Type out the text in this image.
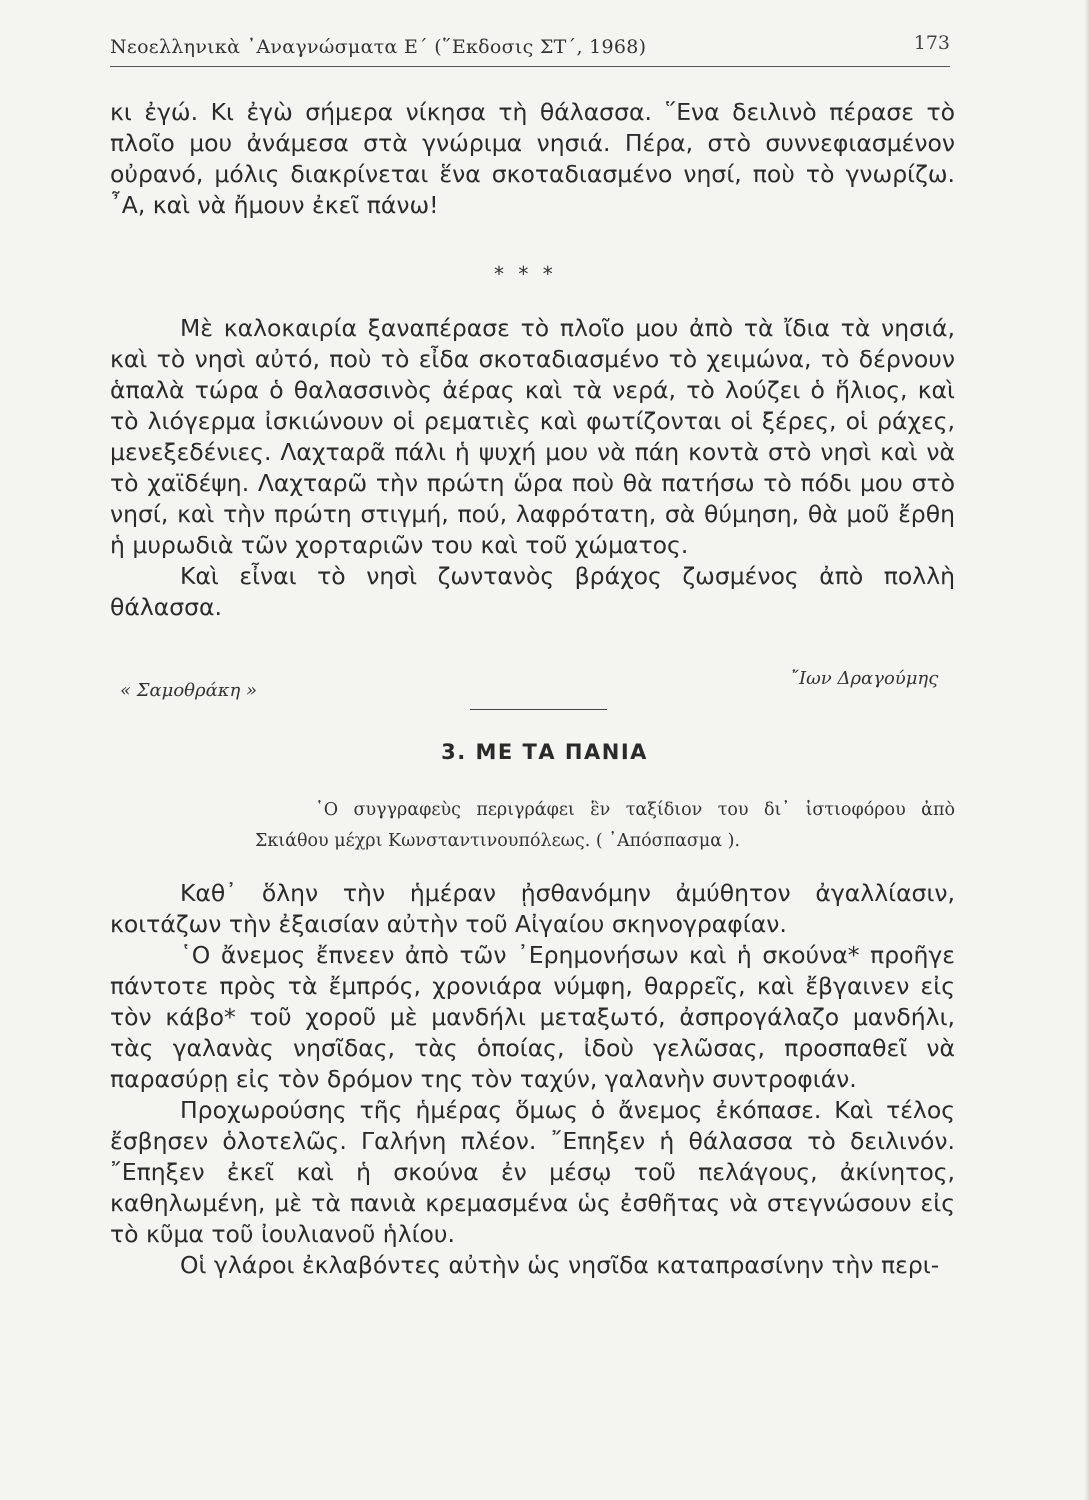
Νεοελληνικὰ ᾿Αναγνώσματα Ε΄ (῞Εκδοσις ΣΤ΄, 1968)	173

κι ἐγώ. Κι ἐγὼ σήμερα νίκησα τὴ θάλασσα. ῞Ενα δειλινὸ πέρασε τὸ πλοῖο μου ἀνάμεσα στὰ γνώριμα νησιά. Πέρα, στὸ συννεφιασμένον οὐρανό, μόλις διακρίνεται ἕνα σκοταδιασμένο νησί, ποὺ τὸ γνωρίζω. ῏Α, καὶ νὰ ἤμουν ἐκεῖ πάνω!

* * *

Μὲ καλοκαιρία ξαναπέρασε τὸ πλοῖο μου ἀπὸ τὰ ἴδια τὰ νησιά, καὶ τὸ νησὶ αὐτό, ποὺ τὸ εἶδα σκοταδιασμένο τὸ χειμώνα, τὸ δέρνουν ἁπαλὰ τώρα ὁ θαλασσινὸς ἀέρας καὶ τὰ νερά, τὸ λούζει ὁ ἥλιος, καὶ τὸ λιόγερμα ἰσκιώνουν οἱ ρεματιὲς καὶ φωτίζονται οἱ ξέρες, οἱ ράχες, μενεξεδένιες. Λαχταρᾶ πάλι ἡ ψυχή μου νὰ πάη κοντὰ στὸ νησὶ καὶ νὰ τὸ χαϊδέψη. Λαχταρῶ τὴν πρώτη ὥρα ποὺ θὰ πατήσω τὸ πόδι μου στὸ νησί, καὶ τὴν πρώτη στιγμή, πού, λαφρότατη, σὰ θύμηση, θὰ μοῦ ἔρθη ἡ μυρωδιὰ τῶν χορταριῶν του καὶ τοῦ χώματος.

Καὶ εἶναι τὸ νησὶ ζωντανὸς βράχος ζωσμένος ἀπὸ πολλὴ θάλασσα.

« Σαμοθράκη »
῎Ιων Δραγούμης
3. ΜΕ ΤΑ ΠΑΝΙΑ

῾Ο συγγραφεὺς περιγράφει ἓν ταξίδιον του δι᾿ ἱστιοφόρου ἀπὸ Σκιάθου μέχρι Κωνσταντινουπόλεως. ( ᾿Απόσπασμα ).

Καθ᾿ ὅλην τὴν ἡμέραν ᾐσθανόμην ἀμύθητον ἀγαλλίασιν, κοιτάζων τὴν ἐξαισίαν αὐτὴν τοῦ Αἰγαίου σκηνογραφίαν.

῾Ο ἄνεμος ἔπνεεν ἀπὸ τῶν ᾿Ερημονήσων καὶ ἡ σκούνα* προῆγε πάντοτε πρὸς τὰ ἔμπρός, χρονιάρα νύμφη, θαρρεῖς, καὶ ἔβγαινεν εἰς τὸν κάβο* τοῦ χοροῦ μὲ μανδήλι μεταξωτό, ἀσπρογάλαζο μανδήλι, τὰς γαλανὰς νησῖδας, τὰς ὁποίας, ἰδοὺ γελῶσας, προσπαθεῖ νὰ παρασύρῃ εἰς τὸν δρόμον της τὸν ταχύν, γαλανὴν συντροφιάν.

Προχωρούσης τῆς ἡμέρας ὅμως ὁ ἄνεμος ἐκόπασε. Καὶ τέλος ἔσβησεν ὁλοτελῶς. Γαλήνη πλέον. ῎Επηξεν ἡ θάλασσα τὸ δειλινόν. ῎Επηξεν ἐκεῖ καὶ ἡ σκούνα ἐν μέσῳ τοῦ πελάγους, ἀκίνητος, καθηλωμένη, μὲ τὰ πανιὰ κρεμασμένα ὡς ἐσθῆτας νὰ στεγνώσουν εἰς τὸ κῦμα τοῦ ἰουλιανοῦ ἡλίου.

Οἱ γλάροι ἐκλαβόντες αὐτὴν ὡς νησῖδα καταπρασίνην τὴν περι-
